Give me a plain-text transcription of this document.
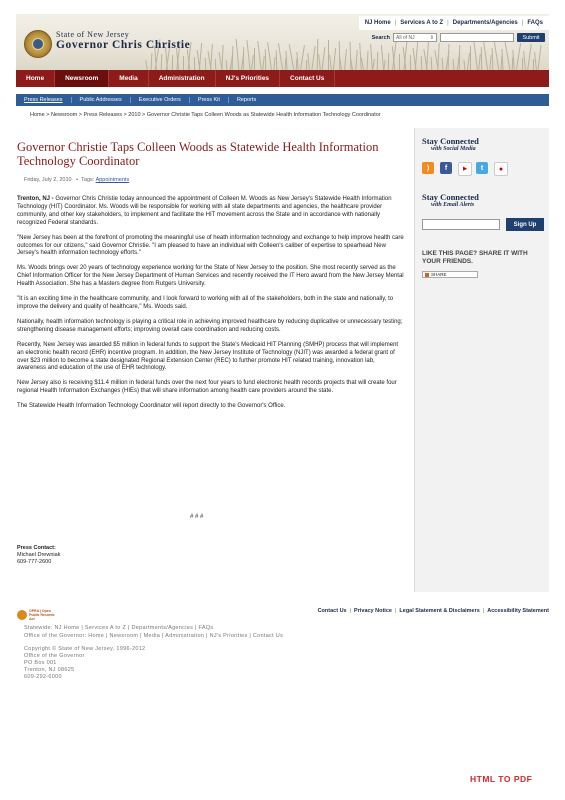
NJ Home | Services A to Z | Departments/Agencies | FAQs
State of New Jersey
Governor Chris Christie
Search All of NJ	⇕	Submit
Home	Newsroom	Media	Administration	NJ's Priorities	Contact Us
Press Releases	Public Addresses	Executive Orders	Press Kit	Reports
Home > Newsroom > Press Releases > 2010 > Governor Christie Taps Colleen Woods as Statewide Health Information Technology Coordinator
Governor Christie Taps Colleen Woods as Statewide Health Information Technology Coordinator
Friday, July 2, 2010   •  Tags: Appointments

Trenton, NJ - Governor Chris Christie today announced the appointment of Colleen M. Woods as New Jersey's Statewide Health Information Technology (HIT) Coordinator. Ms. Woods will be responsible for working with all state departments and agencies, the healthcare provider community, and other key stakeholders, to implement and facilitate the HIT movement across the State and in accordance with nationally recognized Federal standards.

"New Jersey has been at the forefront of promoting the meaningful use of heath information technology and exchange to help improve health care outcomes for our citizens," said Governor Christie. "I am pleased to have an individual with Colleen's caliber of expertise to spearhead New Jersey's health information technology efforts."

Ms. Woods brings over 20 years of technology experience working for the State of New Jersey to the position. She most recently served as the Chief Information Officer for the New Jersey Department of Human Services and recently received the IT Hero award from the New Jersey Mental Health Association. She has a Masters degree from Rutgers University.

"It is an exciting time in the healthcare community, and I look forward to working with all of the stakeholders, both in the state and nationally, to improve the delivery and quality of healthcare," Ms. Woods said.

Nationally, health information technology is playing a critical role in achieving improved healthcare by reducing duplicative or unnecessary testing; strengthening disease management efforts; improving overall care coordination and reducing costs.

Recently, New Jersey was awarded $5 million in federal funds to support the State's Medicaid HIT Planning (SMHP) process that will implement an electronic health record (EHR) incentive program. In addition, the New Jersey Institute of Technology (NJIT) was awarded a federal grant of over $23 million to become a state designated Regional Extension Center (REC) to further promote HIT related training, innovation lab, awareness and education of the use of EHR technology.

New Jersey also is receiving $11.4 million in federal funds over the next four years to fund electronic health records projects that will create four regional Health Information Exchanges (HIEs) that will share information among health care providers around the state.

The Statewide Health Information Technology Coordinator will report directly to the Governor's Office.

# # #
Press Contact:
Michael Drewniak
609-777-2600
Stay Connected
with Social Media
)	f	▶	t	●
Stay Connected
with Email Alerts
Sign Up
LIKE THIS PAGE? SHARE IT WITH YOUR FRIENDS.
SHARE
OPRA | Open Public Records Act
Contact Us | Privacy Notice | Legal Statement & Disclaimers | Accessibility Statement
Statewide: NJ Home | Services A to Z | Departments/Agencies | FAQs
Office of the Governor: Home | Newsroom | Media | Administration | NJ's Priorities | Contact Us
Copyright © State of New Jersey, 1996-2012
Office of the Governor
PO Box 001
Trenton, NJ 08625
609-292-6000
HTML TO PDF
